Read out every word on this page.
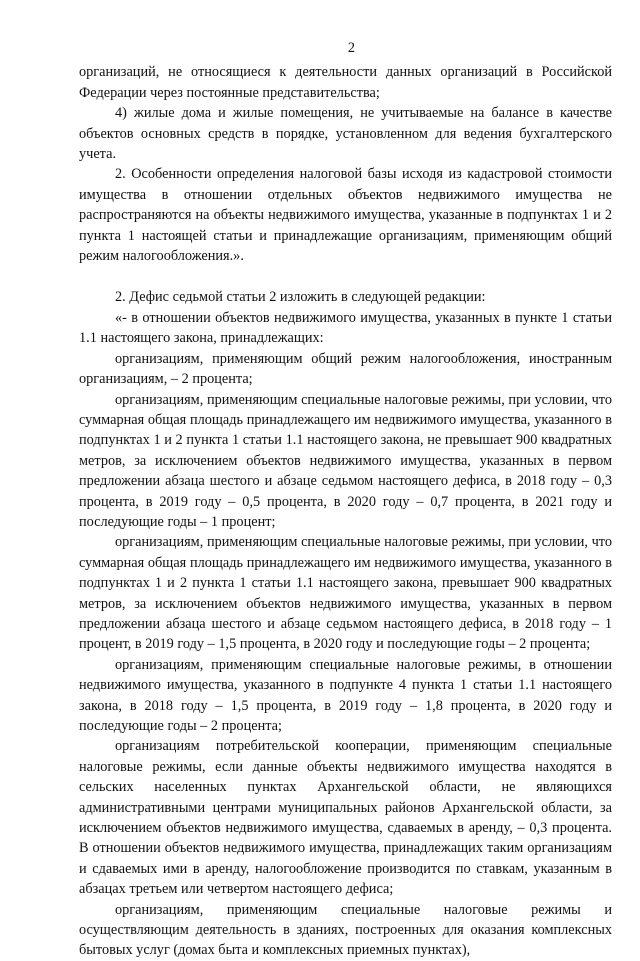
2

организаций, не относящиеся к деятельности данных организаций в Российской Федерации через постоянные представительства;

4) жилые дома и жилые помещения, не учитываемые на балансе в качестве объектов основных средств в порядке, установленном для ведения бухгалтерского учета.

2. Особенности определения налоговой базы исходя из кадастровой стоимости имущества в отношении отдельных объектов недвижимого имущества не распространяются на объекты недвижимого имущества, указанные в подпунктах 1 и 2 пункта 1 настоящей статьи и принадлежащие организациям, применяющим общий режим налогообложения.».

2. Дефис седьмой статьи 2 изложить в следующей редакции:

«- в отношении объектов недвижимого имущества, указанных в пункте 1 статьи 1.1 настоящего закона, принадлежащих:

организациям, применяющим общий режим налогообложения, иностранным организациям, – 2 процента;

организациям, применяющим специальные налоговые режимы, при условии, что суммарная общая площадь принадлежащего им недвижимого имущества, указанного в подпунктах 1 и 2 пункта 1 статьи 1.1 настоящего закона, не превышает 900 квадратных метров, за исключением объектов недвижимого имущества, указанных в первом предложении абзаца шестого и абзаце седьмом настоящего дефиса, в 2018 году – 0,3 процента, в 2019 году – 0,5 процента, в 2020 году – 0,7 процента, в 2021 году и последующие годы – 1 процент;

организациям, применяющим специальные налоговые режимы, при условии, что суммарная общая площадь принадлежащего им недвижимого имущества, указанного в подпунктах 1 и 2 пункта 1 статьи 1.1 настоящего закона, превышает 900 квадратных метров, за исключением объектов недвижимого имущества, указанных в первом предложении абзаца шестого и абзаце седьмом настоящего дефиса, в 2018 году – 1 процент, в 2019 году – 1,5 процента, в 2020 году и последующие годы – 2 процента;

организациям, применяющим специальные налоговые режимы, в отношении недвижимого имущества, указанного в подпункте 4 пункта 1 статьи 1.1 настоящего закона, в 2018 году – 1,5 процента, в 2019 году – 1,8 процента, в 2020 году и последующие годы – 2 процента;

организациям потребительской кооперации, применяющим специальные налоговые режимы, если данные объекты недвижимого имущества находятся в сельских населенных пунктах Архангельской области, не являющихся административными центрами муниципальных районов Архангельской области, за исключением объектов недвижимого имущества, сдаваемых в аренду, – 0,3 процента. В отношении объектов недвижимого имущества, принадлежащих таким организациям и сдаваемых ими в аренду, налогообложение производится по ставкам, указанным в абзацах третьем или четвертом настоящего дефиса;

организациям, применяющим специальные налоговые режимы и осуществляющим деятельность в зданиях, построенных для оказания комплексных бытовых услуг (домах быта и комплексных приемных пунктах),
